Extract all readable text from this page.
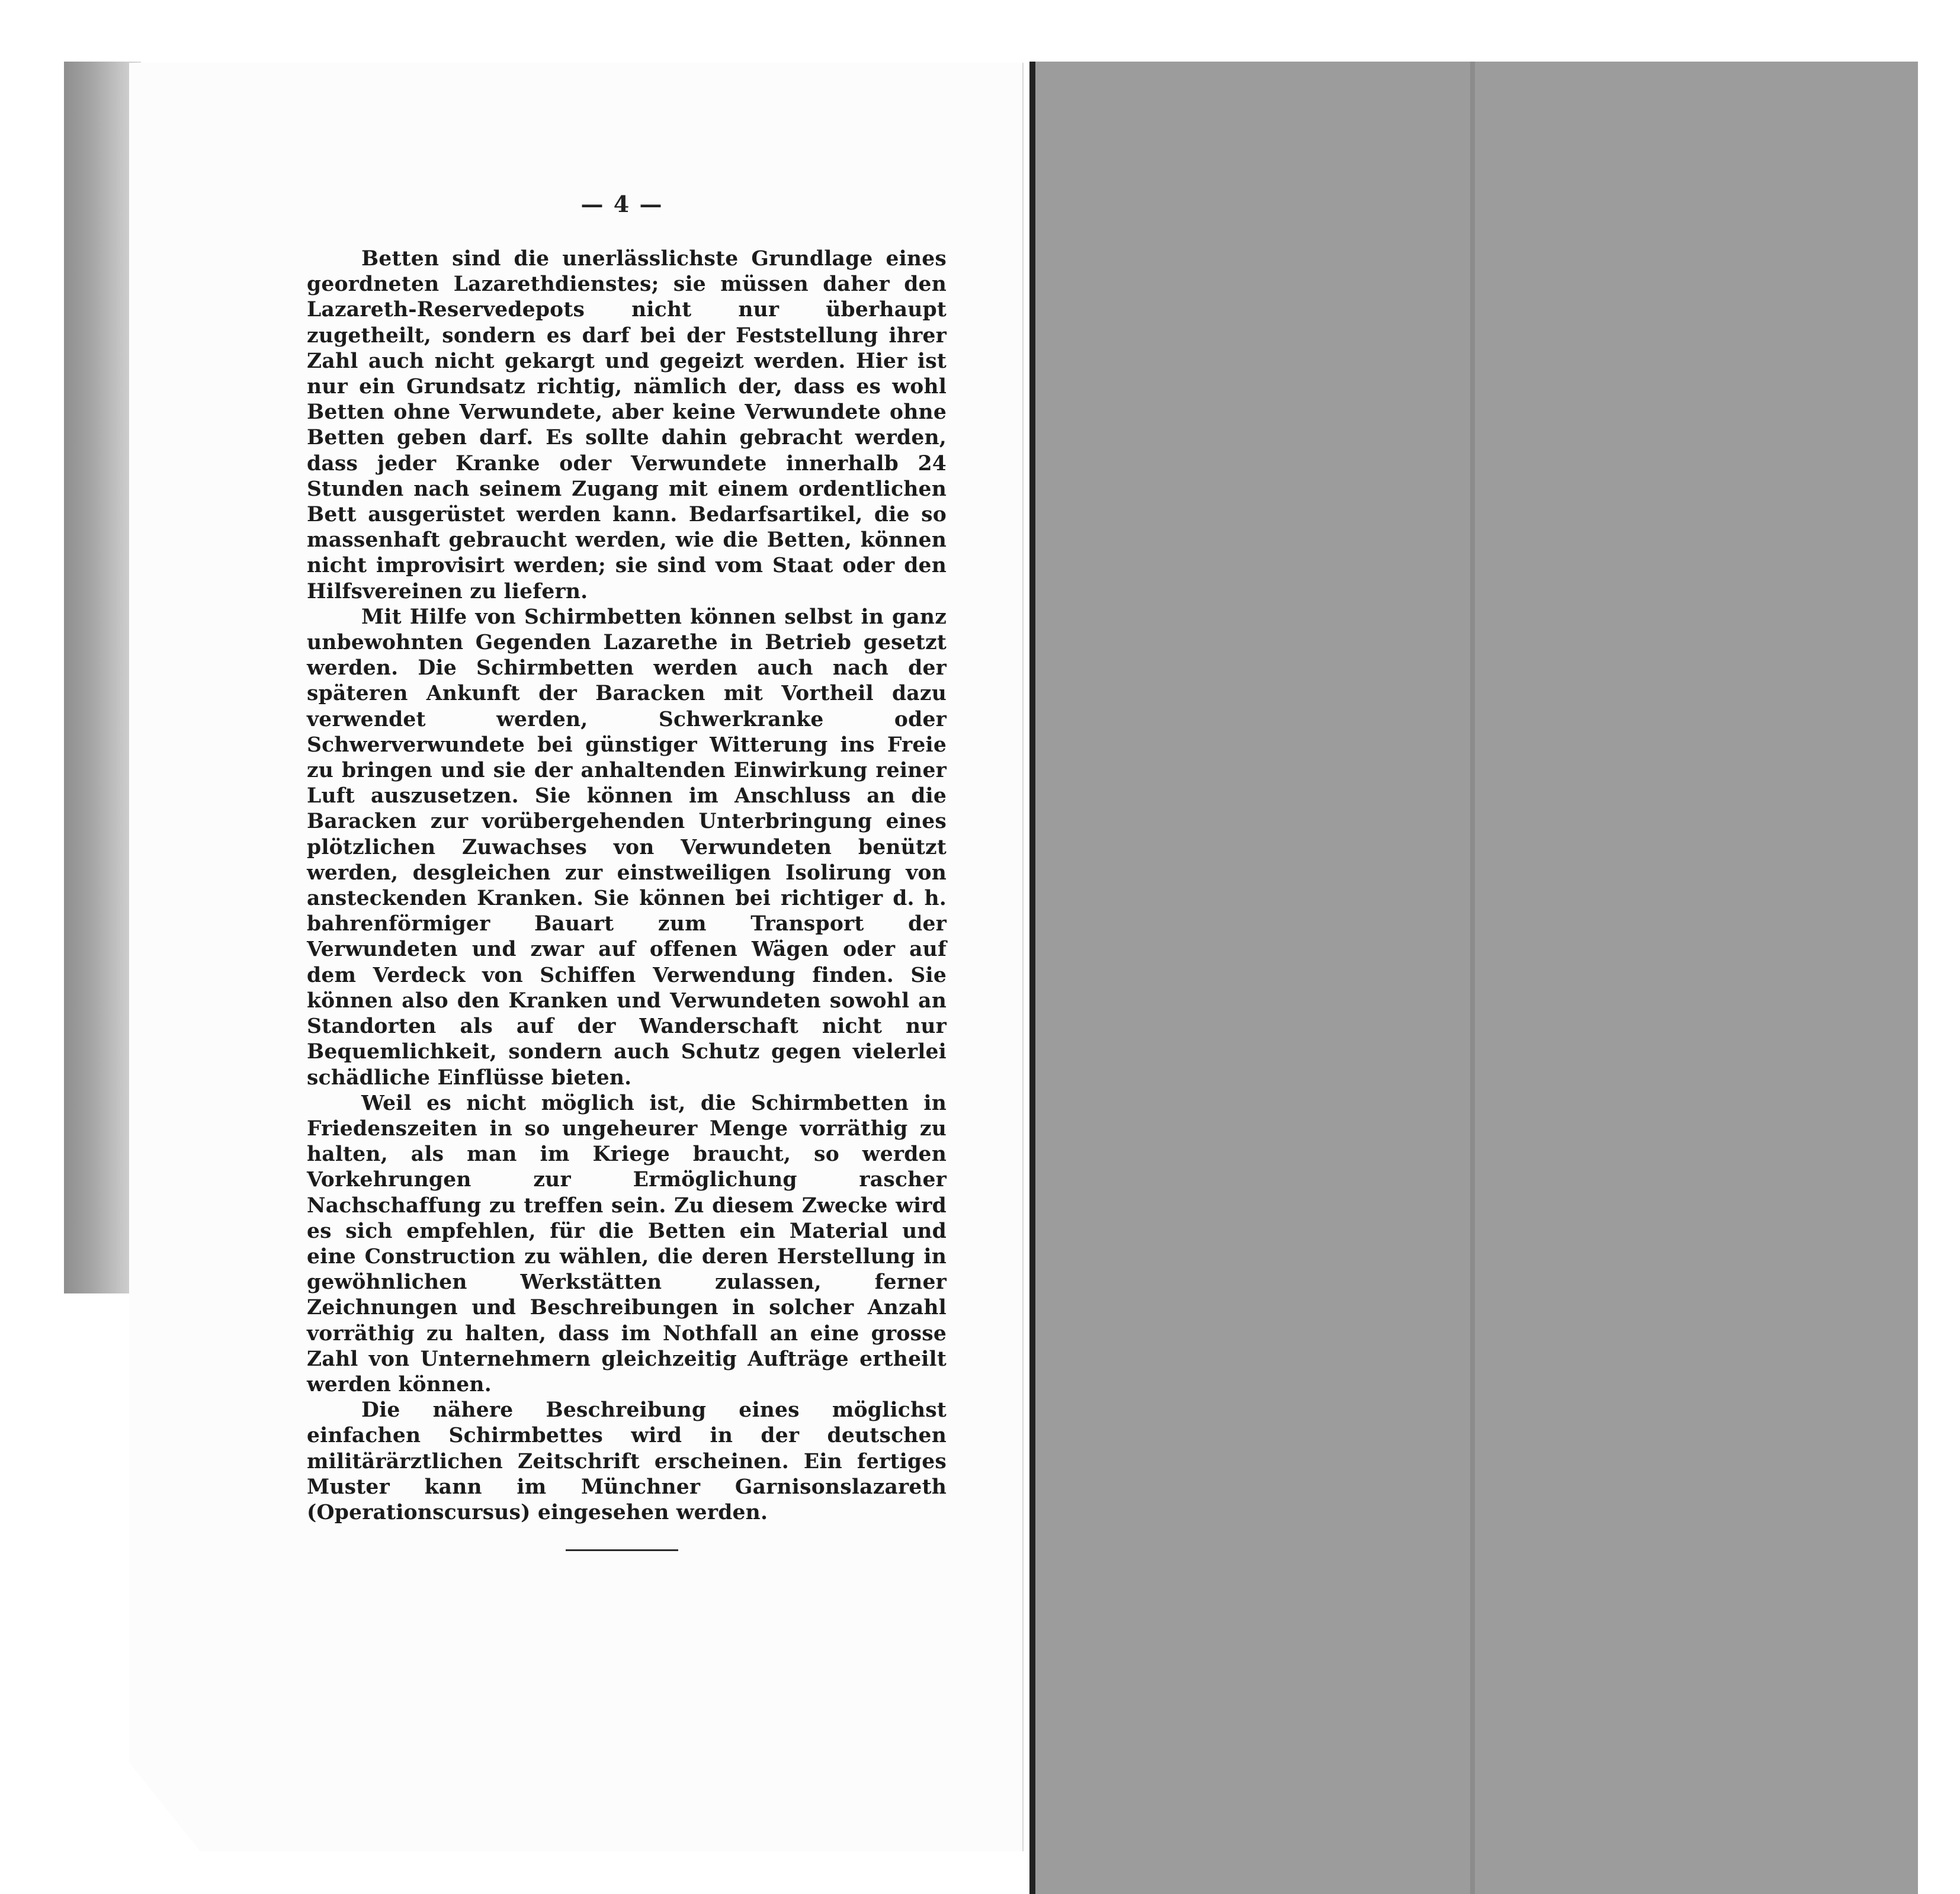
— 4 —

Betten sind die unerlässlichste Grundlage eines geordneten Lazarethdienstes; sie müssen daher den Lazareth-Reservedepots nicht nur überhaupt zugetheilt, sondern es darf bei der Feststellung ihrer Zahl auch nicht gekargt und gegeizt werden. Hier ist nur ein Grundsatz richtig, nämlich der, dass es wohl Betten ohne Verwundete, aber keine Verwundete ohne Betten geben darf. Es sollte dahin gebracht werden, dass jeder Kranke oder Verwundete innerhalb 24 Stunden nach seinem Zugang mit einem ordentlichen Bett ausgerüstet werden kann. Bedarfsartikel, die so massenhaft gebraucht werden, wie die Betten, können nicht improvisirt werden; sie sind vom Staat oder den Hilfsvereinen zu liefern.

Mit Hilfe von Schirmbetten können selbst in ganz unbewohnten Gegenden Lazarethe in Betrieb gesetzt werden. Die Schirmbetten werden auch nach der späteren Ankunft der Baracken mit Vortheil dazu verwendet werden, Schwerkranke oder Schwerverwundete bei günstiger Witterung ins Freie zu bringen und sie der anhaltenden Einwirkung reiner Luft auszusetzen. Sie können im Anschluss an die Baracken zur vorübergehenden Unterbringung eines plötzlichen Zuwachses von Verwundeten benützt werden, desgleichen zur einstweiligen Isolirung von ansteckenden Kranken. Sie können bei richtiger d. h. bahrenförmiger Bauart zum Transport der Verwundeten und zwar auf offenen Wägen oder auf dem Verdeck von Schiffen Verwendung finden. Sie können also den Kranken und Verwundeten sowohl an Standorten als auf der Wanderschaft nicht nur Bequemlichkeit, sondern auch Schutz gegen vielerlei schädliche Einflüsse bieten.

Weil es nicht möglich ist, die Schirmbetten in Friedenszeiten in so ungeheurer Menge vorräthig zu halten, als man im Kriege braucht, so werden Vorkehrungen zur Ermöglichung rascher Nachschaffung zu treffen sein. Zu diesem Zwecke wird es sich empfehlen, für die Betten ein Material und eine Construction zu wählen, die deren Herstellung in gewöhnlichen Werkstätten zulassen, ferner Zeichnungen und Beschreibungen in solcher Anzahl vorräthig zu halten, dass im Nothfall an eine grosse Zahl von Unternehmern gleichzeitig Aufträge ertheilt werden können.

Die nähere Beschreibung eines möglichst einfachen Schirmbettes wird in der deutschen militärärztlichen Zeitschrift erscheinen. Ein fertiges Muster kann im Münchner Garnisonslazareth (Operationscursus) eingesehen werden.
